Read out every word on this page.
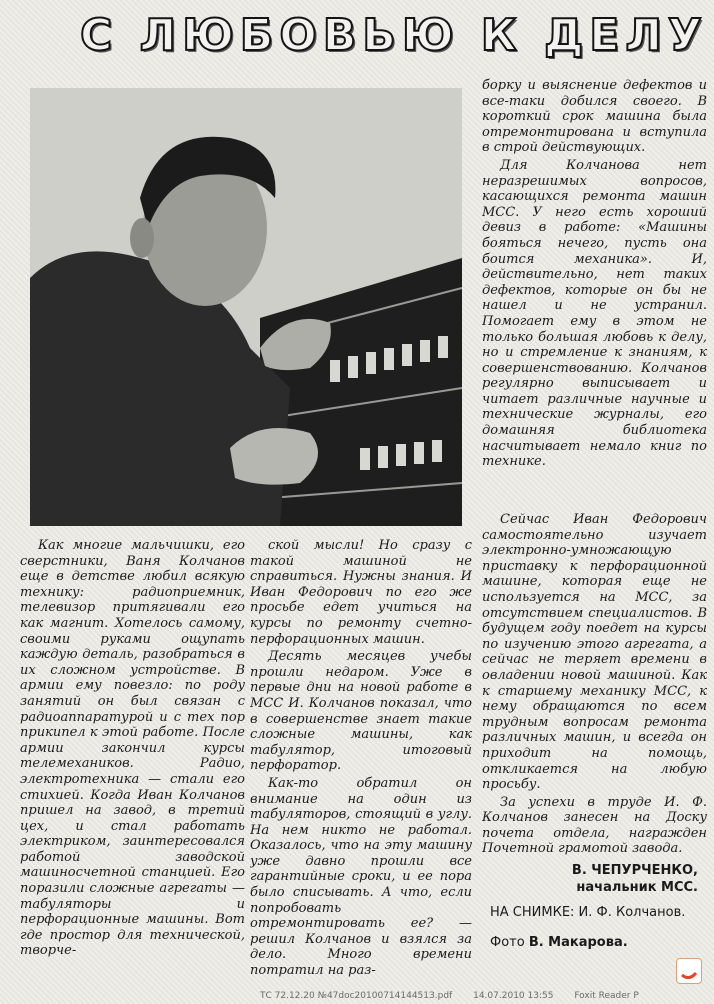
С ЛЮБОВЬЮ К ДЕЛУ

Как многие мальчишки, его сверстники, Ваня Колчанов еще в детстве любил всякую технику: радиоприемник, телевизор притягивали его как магнит. Хотелось самому, своими руками ощупать каждую деталь, разобраться в их сложном устройстве. В армии ему повезло: по роду занятий он был связан с радиоаппаратурой и с тех пор прикипел к этой работе. После армии закончил курсы телемехаников. Радио, электротехника — стали его стихией. Когда Иван Колчанов пришел на завод, в третий цех, и стал работать электриком, заинтересовался работой заводской машиносчетной станцией. Его поразили сложные агрегаты — табуляторы и перфорационные машины. Вот где простор для технической, творче-

ской мысли! Но сразу с такой машиной не справиться. Нужны знания. И Иван Федорович по его же просьбе едет учиться на курсы по ремонту счетно-перфорационных машин.

Десять месяцев учебы прошли недаром. Уже в первые дни на новой работе в МСС И. Колчанов показал, что в совершенстве знает такие сложные машины, как табулятор, итоговый перфоратор.

Как-то обратил он внимание на один из табуляторов, стоящий в углу. На нем никто не работал. Оказалось, что на эту машину уже давно прошли все гарантийные сроки, и ее пора было списывать. А что, если попробовать отремонтировать ее? — решил Колчанов и взялся за дело. Много времени потратил на раз-

борку и выяснение дефектов и все-таки добился своего. В короткий срок машина была отремонтирована и вступила в строй действующих.

Для Колчанова нет неразрешимых вопросов, касающихся ремонта машин МСС. У него есть хороший девиз в работе: «Машины бояться нечего, пусть она боится механика». И, действительно, нет таких дефектов, которые он бы не нашел и не устранил. Помогает ему в этом не только большая любовь к делу, но и стремление к знаниям, к совершенствованию. Колчанов регулярно выписывает и читает различные научные и технические журналы, его домашняя библиотека насчитывает немало книг по технике.

Сейчас Иван Федорович самостоятельно изучает электронно-умножающую приставку к перфорационной машине, которая еще не используется на МСС, за отсутствием специалистов. В будущем году поедет на курсы по изучению этого агрегата, а сейчас не теряет времени в овладении новой машиной. Как к старшему механику МСС, к нему обращаются по всем трудным вопросам ремонта различных машин, и всегда он приходит на помощь, откликается на любую просьбу.

За успехи в труде И. Ф. Колчанов занесен на Доску почета отдела, награжден Почетной грамотой завода.

В. ЧЕПУРЧЕНКО,
начальник МСС.
НА СНИМКЕ: И. Ф. Колчанов.
Фото В. Макарова.
ТС 72.12.20 №47doc2010071414451З.pdf 14.07.2010 13:55 Foxit Reader P
